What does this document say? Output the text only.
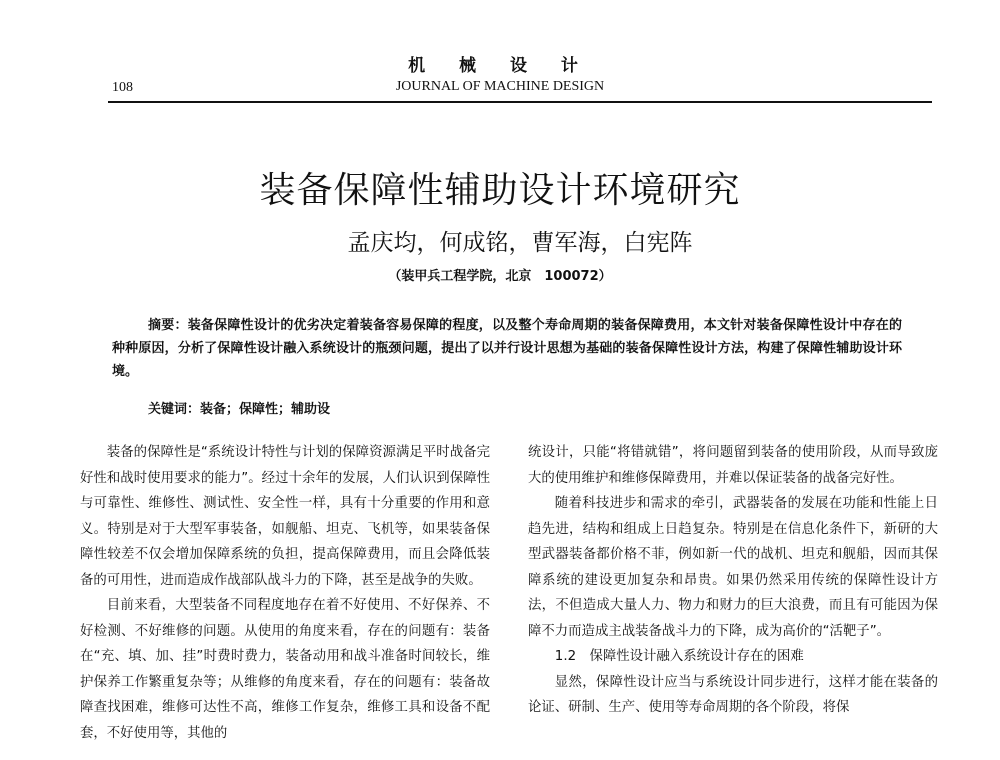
机 械 设 计
108	JOURNAL OF MACHINE DESIGN
装备保障性辅助设计环境研究
孟庆均，何成铭，曹军海，白宪阵
（装甲兵工程学院，北京　100072）
摘要：装备保障性设计的优劣决定着装备容易保障的程度，以及整个寿命周期的装备保障费用，本文针对装备保障性设计中存在的种种原因，分析了保障性设计融入系统设计的瓶颈问题，提出了以并行设计思想为基础的装备保障性设计方法，构建了保障性辅助设计环境。
关键词：装备；保障性；辅助设

装备的保障性是“系统设计特性与计划的保障资源满足平时战备完好性和战时使用要求的能力”。经过十余年的发展，人们认识到保障性与可靠性、维修性、测试性、安全性一样，具有十分重要的作用和意义。特别是对于大型军事装备，如舰船、坦克、飞机等，如果装备保障性较差不仅会增加保障系统的负担，提高保障费用，而且会降低装备的可用性，进而造成作战部队战斗力的下降，甚至是战争的失败。

目前来看，大型装备不同程度地存在着不好使用、不好保养、不好检测、不好维修的问题。从使用的角度来看，存在的问题有：装备在“充、填、加、挂”时费时费力，装备动用和战斗准备时间较长，维护保养工作繁重复杂等；从维修的角度来看，存在的问题有：装备故障查找困难，维修可达性不高，维修工作复杂，维修工具和设备不配套，不好使用等，其他的

统设计，只能“将错就错”，将问题留到装备的使用阶段，从而导致庞大的使用维护和维修保障费用，并难以保证装备的战备完好性。

随着科技进步和需求的牵引，武器装备的发展在功能和性能上日趋先进，结构和组成上日趋复杂。特别是在信息化条件下，新研的大型武器装备都价格不菲，例如新一代的战机、坦克和舰船，因而其保障系统的建设更加复杂和昂贵。如果仍然采用传统的保障性设计方法，不但造成大量人力、物力和财力的巨大浪费，而且有可能因为保障不力而造成主战装备战斗力的下降，成为高价的“活靶子”。

1.2　保障性设计融入系统设计存在的困难

显然，保障性设计应当与系统设计同步进行，这样才能在装备的论证、研制、生产、使用等寿命周期的各个阶段，将保
